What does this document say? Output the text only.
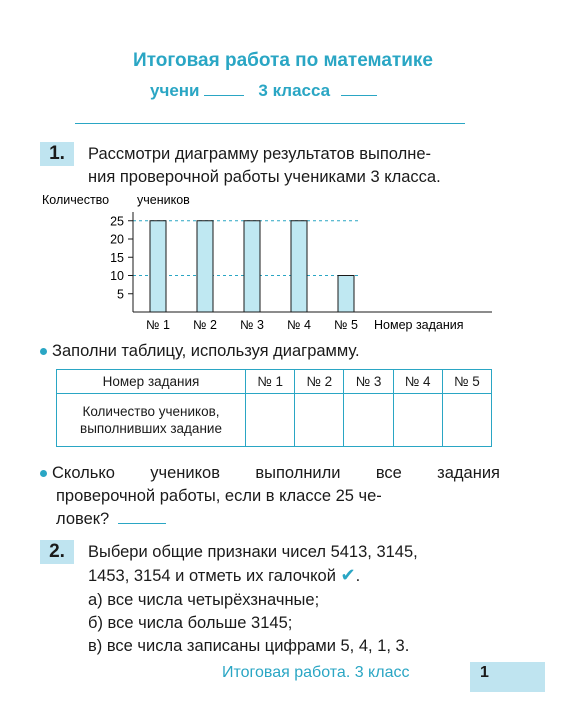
Итоговая работа по математике
учени	3 класса
1.	Рассмотри диаграмму результатов выполне-
ния проверочной работы учениками 3 класса.
Количество учеников
5
10
15
20
25
№ 1 № 2 № 3 № 4 № 5 Номер задания
Заполни таблицу, используя диаграмму.
Номер задания	№ 1	№ 2	№ 3	№ 4	№ 5

Количество учеников,
выполнивших задание					

Сколько учеников выполнили все задания
проверочной работы, если в классе 25 че-
ловек?
2.	Выбери общие признаки чисел 5413, 3145,
1453, 3154 и отметь их галочкой ✔.
а) все числа четырёхзначные;
б) все числа больше 3145;
в) все числа записаны цифрами 5, 4, 1, 3.
Итоговая работа. 3 класс	1
